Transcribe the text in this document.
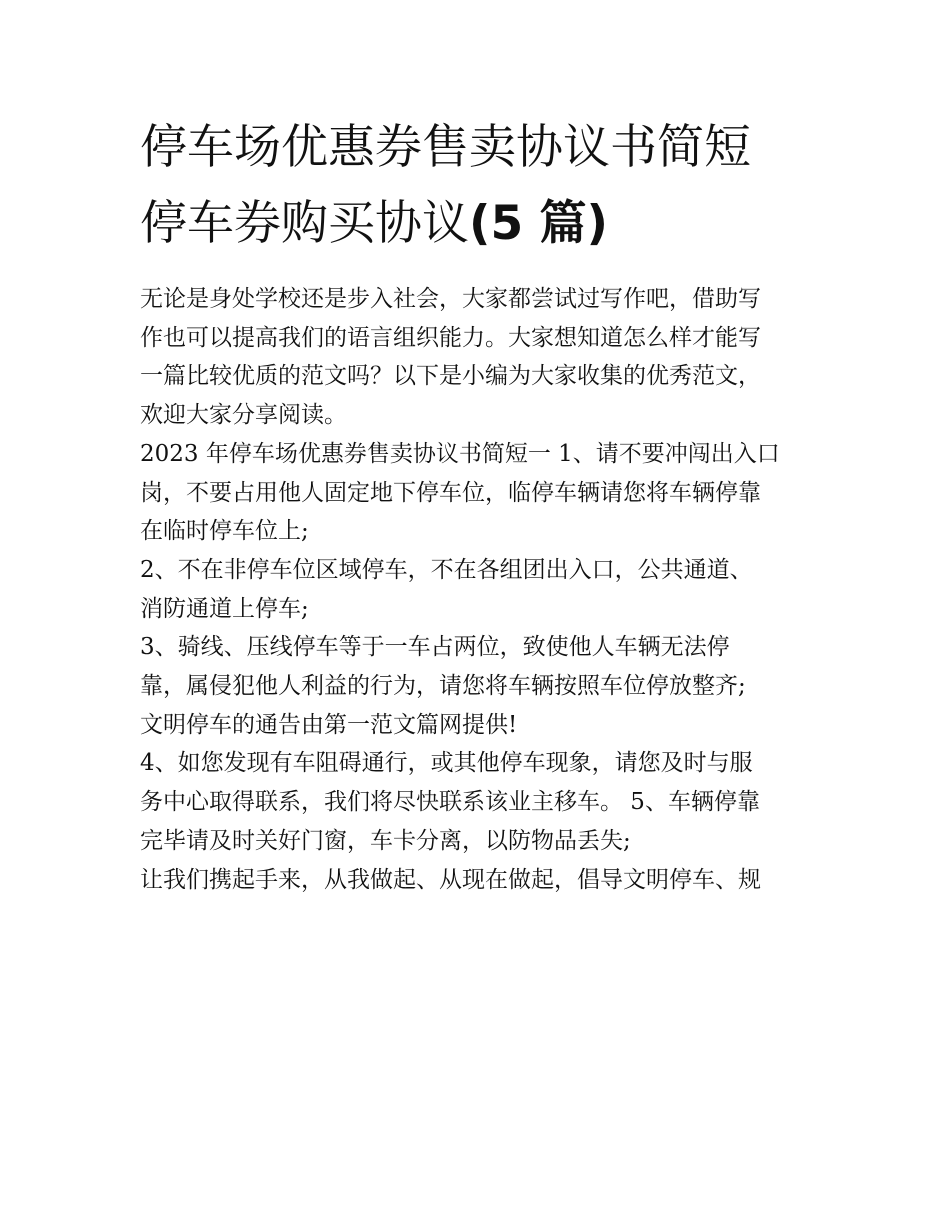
停车场优惠券售卖协议书简短
停车券购买协议(5 篇)

无论是身处学校还是步入社会，大家都尝试过写作吧，借助写
作也可以提高我们的语言组织能力。大家想知道怎么样才能写
一篇比较优质的范文吗？以下是小编为大家收集的优秀范文，
欢迎大家分享阅读。

2023 年停车场优惠券售卖协议书简短一 1、请不要冲闯出入口
岗，不要占用他人固定地下停车位，临停车辆请您将车辆停靠
在临时停车位上;

2、不在非停车位区域停车，不在各组团出入口，公共通道、
消防通道上停车;

3、骑线、压线停车等于一车占两位，致使他人车辆无法停
靠，属侵犯他人利益的行为，请您将车辆按照车位停放整齐;
文明停车的通告由第一范文篇网提供!

4、如您发现有车阻碍通行，或其他停车现象，请您及时与服
务中心取得联系，我们将尽快联系该业主移车。 5、车辆停靠
完毕请及时关好门窗，车卡分离，以防物品丢失;

让我们携起手来，从我做起、从现在做起，倡导文明停车、规
